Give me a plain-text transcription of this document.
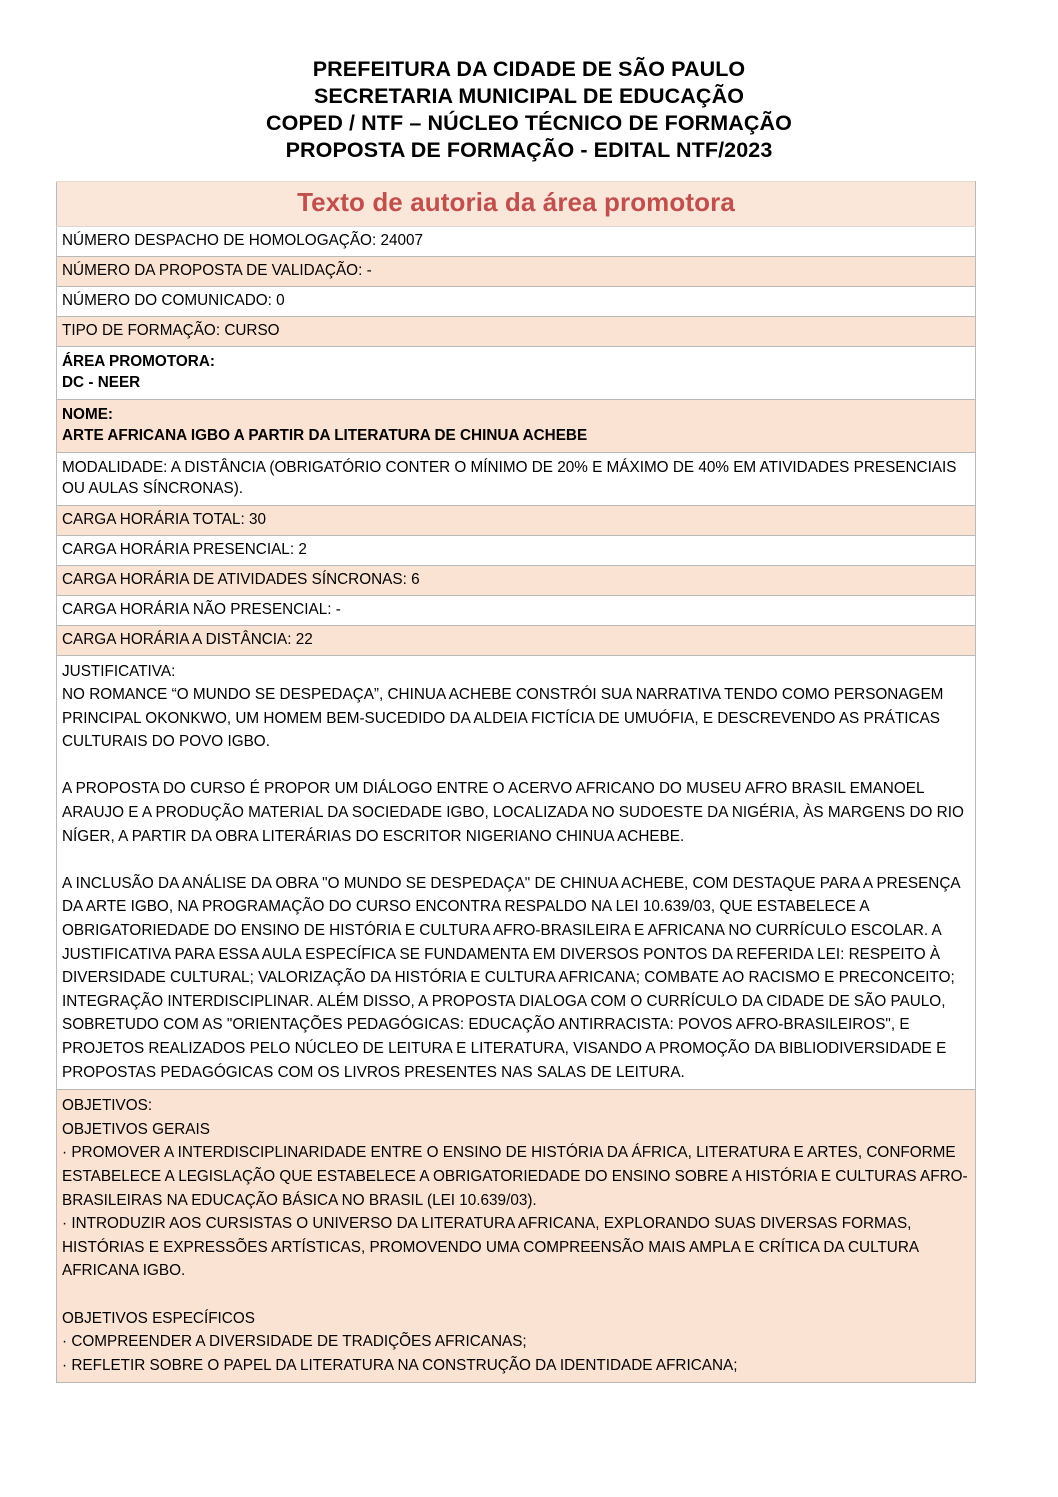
PREFEITURA DA CIDADE DE SÃO PAULO
SECRETARIA MUNICIPAL DE EDUCAÇÃO
COPED / NTF – NÚCLEO TÉCNICO DE FORMAÇÃO
PROPOSTA DE FORMAÇÃO - EDITAL NTF/2023
Texto de autoria da área promotora
NÚMERO DESPACHO DE HOMOLOGAÇÃO: 24007
NÚMERO DA PROPOSTA DE VALIDAÇÃO: -
NÚMERO DO COMUNICADO: 0
TIPO DE FORMAÇÃO: CURSO

ÁREA PROMOTORA:
DC - NEER

NOME:
ARTE AFRICANA IGBO A PARTIR DA LITERATURA DE CHINUA ACHEBE

MODALIDADE: A DISTÂNCIA (OBRIGATÓRIO CONTER O MÍNIMO DE 20% E MÁXIMO DE 40% EM ATIVIDADES PRESENCIAIS OU AULAS SÍNCRONAS).
CARGA HORÁRIA TOTAL: 30
CARGA HORÁRIA PRESENCIAL: 2
CARGA HORÁRIA DE ATIVIDADES SÍNCRONAS: 6
CARGA HORÁRIA NÃO PRESENCIAL: -
CARGA HORÁRIA A DISTÂNCIA: 22

JUSTIFICATIVA:

NO ROMANCE “O MUNDO SE DESPEDAÇA”, CHINUA ACHEBE CONSTRÓI SUA NARRATIVA TENDO COMO PERSONAGEM PRINCIPAL OKONKWO, UM HOMEM BEM-SUCEDIDO DA ALDEIA FICTÍCIA DE UMUÓFIA, E DESCREVENDO AS PRÁTICAS CULTURAIS DO POVO IGBO.

A PROPOSTA DO CURSO É PROPOR UM DIÁLOGO ENTRE O ACERVO AFRICANO DO MUSEU AFRO BRASIL EMANOEL ARAUJO E A PRODUÇÃO MATERIAL DA SOCIEDADE IGBO, LOCALIZADA NO SUDOESTE DA NIGÉRIA, ÀS MARGENS DO RIO NÍGER, A PARTIR DA OBRA LITERÁRIAS DO ESCRITOR NIGERIANO CHINUA ACHEBE.

A INCLUSÃO DA ANÁLISE DA OBRA "O MUNDO SE DESPEDAÇA" DE CHINUA ACHEBE, COM DESTAQUE PARA A PRESENÇA DA ARTE IGBO, NA PROGRAMAÇÃO DO CURSO ENCONTRA RESPALDO NA LEI 10.639/03, QUE ESTABELECE A OBRIGATORIEDADE DO ENSINO DE HISTÓRIA E CULTURA AFRO-BRASILEIRA E AFRICANA NO CURRÍCULO ESCOLAR. A JUSTIFICATIVA PARA ESSA AULA ESPECÍFICA SE FUNDAMENTA EM DIVERSOS PONTOS DA REFERIDA LEI: RESPEITO À DIVERSIDADE CULTURAL; VALORIZAÇÃO DA HISTÓRIA E CULTURA AFRICANA; COMBATE AO RACISMO E PRECONCEITO; INTEGRAÇÃO INTERDISCIPLINAR. ALÉM DISSO, A PROPOSTA DIALOGA COM O CURRÍCULO DA CIDADE DE SÃO PAULO, SOBRETUDO COM AS "ORIENTAÇÕES PEDAGÓGICAS: EDUCAÇÃO ANTIRRACISTA: POVOS AFRO-BRASILEIROS", E PROJETOS REALIZADOS PELO NÚCLEO DE LEITURA E LITERATURA, VISANDO A PROMOÇÃO DA BIBLIODIVERSIDADE E PROPOSTAS PEDAGÓGICAS COM OS LIVROS PRESENTES NAS SALAS DE LEITURA.

OBJETIVOS:

OBJETIVOS GERAIS

· PROMOVER A INTERDISCIPLINARIDADE ENTRE O ENSINO DE HISTÓRIA DA ÁFRICA, LITERATURA E ARTES, CONFORME ESTABELECE A LEGISLAÇÃO QUE ESTABELECE A OBRIGATORIEDADE DO ENSINO SOBRE A HISTÓRIA E CULTURAS AFRO-BRASILEIRAS NA EDUCAÇÃO BÁSICA NO BRASIL (LEI 10.639/03).

· INTRODUZIR AOS CURSISTAS O UNIVERSO DA LITERATURA AFRICANA, EXPLORANDO SUAS DIVERSAS FORMAS, HISTÓRIAS E EXPRESSÕES ARTÍSTICAS, PROMOVENDO UMA COMPREENSÃO MAIS AMPLA E CRÍTICA DA CULTURA AFRICANA IGBO.

OBJETIVOS ESPECÍFICOS

· COMPREENDER A DIVERSIDADE DE TRADIÇÕES AFRICANAS;

· REFLETIR SOBRE O PAPEL DA LITERATURA NA CONSTRUÇÃO DA IDENTIDADE AFRICANA;
